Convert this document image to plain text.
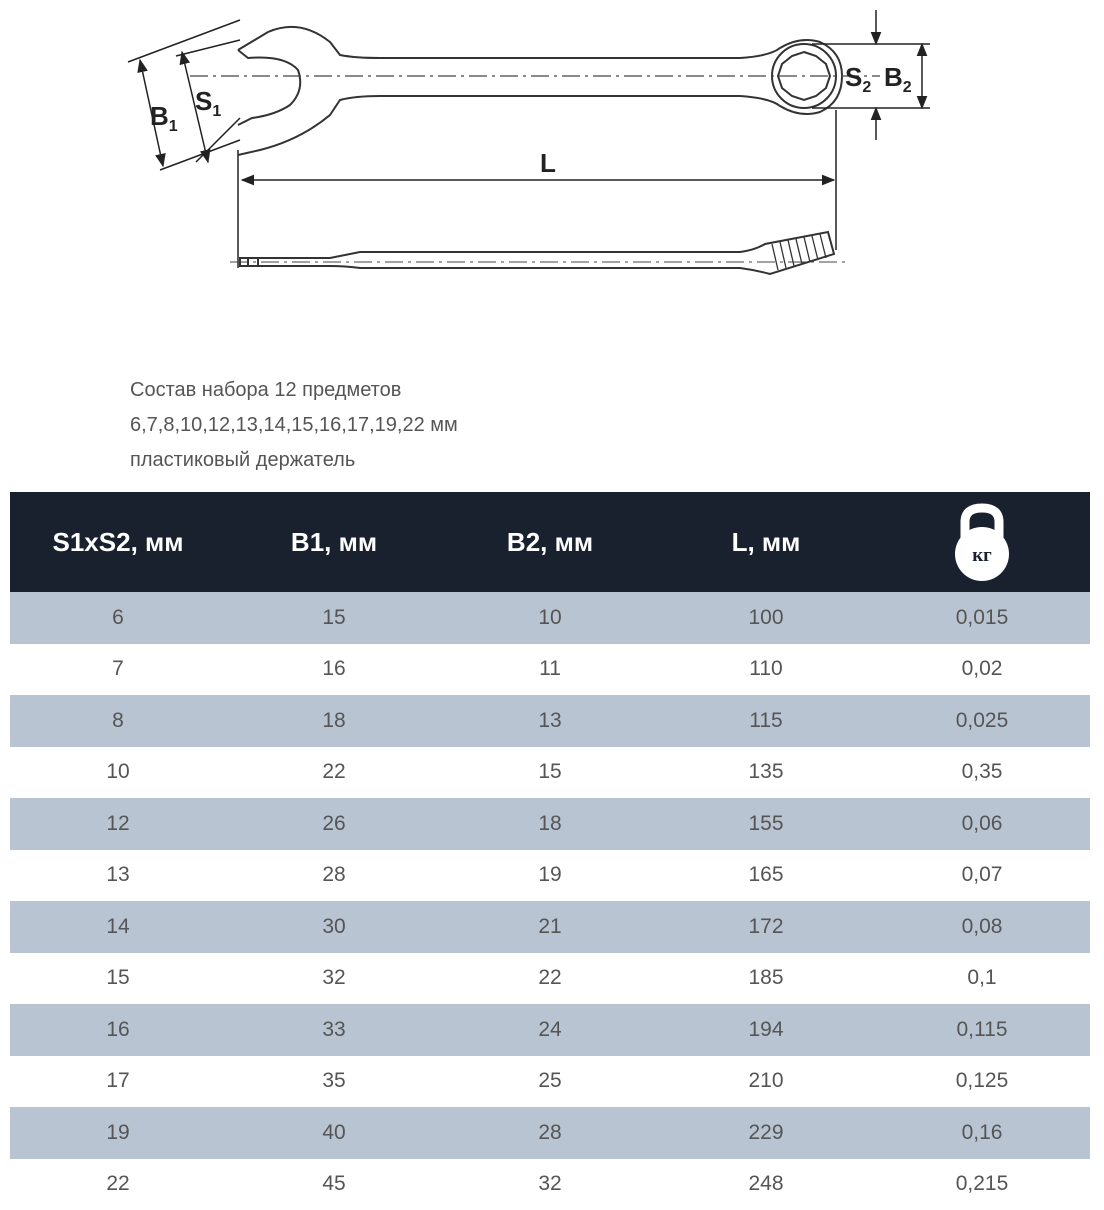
$B_1$
$S_1$
$S_2$ $B_2$
L
Состав набора 12 предметов
6,7,8,10,12,13,14,15,16,17,19,22 мм
пластиковый держатель
S1xS2, мм	B1, мм	B2, мм	L, мм	кг

6	15	10	100	0,015
7	16	11	110	0,02
8	18	13	115	0,025
10	22	15	135	0,35
12	26	18	155	0,06
13	28	19	165	0,07
14	30	21	172	0,08
15	32	22	185	0,1
16	33	24	194	0,115
17	35	25	210	0,125
19	40	28	229	0,16
22	45	32	248	0,215
